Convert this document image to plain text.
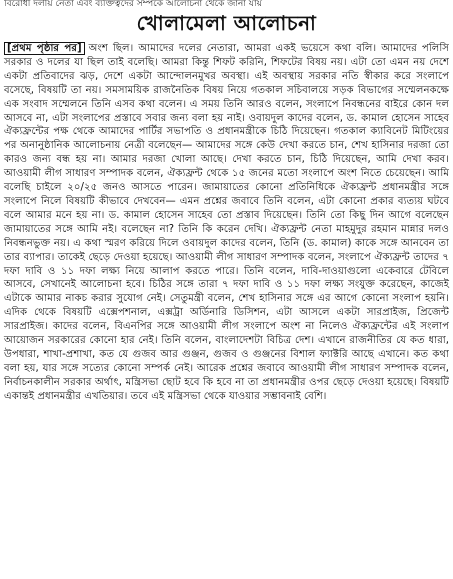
বিরোধী দলীয় নেতা এবং ব্যক্তিত্বদের সম্পর্কে আলোচনা থেকে জানা যায়
খোলামেলা আলোচনা
[প্রথম পৃষ্ঠার পর] অংশ ছিল। আমাদের দলের নেতারা, আমরা একই ভয়েসে কথা বলি। আমাদের পলিসি সরকার ও দলের যা ছিল তাই বলেছি। আমরা কিন্তু শিফট করিনি, শিফটের বিষয় নয়। এটা তো এমন নয় দেশে একটা প্রতিবাদের ঝড়, দেশে একটা আন্দোলনমুখর অবস্থা। এই অবস্থায় সরকার নতি স্বীকার করে সংলাপে বসেছে, বিষয়টি তা নয়। সমসাময়িক রাজনৈতিক বিষয় নিয়ে গতকাল সচিবালয়ে সড়ক বিভাগের সম্মেলনকক্ষে এক সংবাদ সম্মেলনে তিনি এসব কথা বলেন। এ সময় তিনি আরও বলেন, সংলাপে নিবন্ধনের বাইরে কোন দল আসবে না, এটা সংলাপের প্রস্তাবে সবার জন্য বলা হয় নাই। ওবায়দুল কাদের বলেন, ড. কামাল হোসেন সাহেব ঐক্যফ্রন্টের পক্ষ থেকে আমাদের পার্টির সভাপতি ও প্রধানমন্ত্রীকে চিঠি দিয়েছেন। গতকাল ক্যাবিনেট মিটিংয়ের পর অনানুষ্ঠানিক আলোচনায় নেত্রী বলেছেন— আমাদের সঙ্গে কেউ দেখা করতে চান, শেখ হাসিনার দরজা তো কারও জন্য বন্ধ হয় না। আমার দরজা খোলা আছে। দেখা করতে চান, চিঠি দিয়েছেন, আমি দেখা করব। আওয়ামী লীগ সাধারণ সম্পাদক বলেন, ঐক্যফ্রন্ট থেকে ১৫ জনের মতো সংলাপে অংশ নিতে চেয়েছেন। আমি বলেছি চাইলে ২০/২৫ জনও আসতে পারেন। জামায়াতের কোনো প্রতিনিধিকে ঐক্যফ্রন্ট প্রধানমন্ত্রীর সঙ্গে সংলাপে নিলে বিষয়টি কীভাবে দেখবেন— এমন প্রশ্নের জবাবে তিনি বলেন, এটা কোনো প্রকার ব্যত্যয় ঘটবে বলে আমার মনে হয় না। ড. কামাল হোসেন সাহেব তো প্রস্তাব দিয়েছেন। তিনি তো কিছু দিন আগে বলেছেন জামায়াতের সঙ্গে আমি নই। বলেছেন না? তিনি কি করেন দেখি। ঐক্যফ্রন্ট নেতা মাহমুদুর রহমান মান্নার দলও নিবন্ধনভুক্ত নয়। এ কথা স্মরণ করিয়ে দিলে ওবায়দুল কাদের বলেন, তিনি (ড. কামাল) কাকে সঙ্গে আনবেন তা তার ব্যাপার। তাকেই ছেড়ে দেওয়া হয়েছে। আওয়ামী লীগ সাধারণ সম্পাদক বলেন, সংলাপে ঐক্যফ্রন্ট তাদের ৭ দফা দাবি ও ১১ দফা লক্ষ্য নিয়ে আলাপ করতে পারে। তিনি বলেন, দাবি-দাওয়াগুলো একেবারে টেবিলে আসবে, সেখানেই আলোচনা হবে। চিঠির সঙ্গে তারা ৭ দফা দাবি ও ১১ দফা লক্ষ্য সংযুক্ত করেছেন, কাজেই এটাকে আমার নাকচ করার সুযোগ নেই। সেতুমন্ত্রী বলেন, শেখ হাসিনার সঙ্গে এর আগে কোনো সংলাপ হয়নি। এদিক থেকে বিষয়টি এক্সেপশনাল, এক্সট্রা অর্ডিনারি ডিসিশন, এটা আসলে একটা সারপ্রাইজ, প্রিজেন্ট সারপ্রাইজ। কাদের বলেন, বিএনপির সঙ্গে আওয়ামী লীগ সংলাপে অংশ না নিলেও ঐক্যফ্রন্টের এই সংলাপ আয়োজন সরকারের কোনো হার নেই। তিনি বলেন, বাংলাদেশটা বিচিত্র দেশ। এখানে রাজনীতির যে কত ধারা, উপধারা, শাখা-প্রশাখা, কত যে গুজব আর গুঞ্জন, গুজব ও গুঞ্জনের বিশাল ফ্যাক্টরি আছে এখানে। কত কথা বলা হয়, যার সঙ্গে সত্যের কোনো সম্পর্ক নেই। আরেক প্রশ্নের জবাবে আওয়ামী লীগ সাধারণ সম্পাদক বলেন, নির্বাচনকালীন সরকার অর্থাৎ, মন্ত্রিসভা ছোট হবে কি হবে না তা প্রধানমন্ত্রীর ওপর ছেড়ে দেওয়া হয়েছে। বিষয়টি একান্তই প্রধানমন্ত্রীর এখতিয়ার। তবে এই মন্ত্রিসভা থেকে যাওয়ার সম্ভাবনাই বেশি।
